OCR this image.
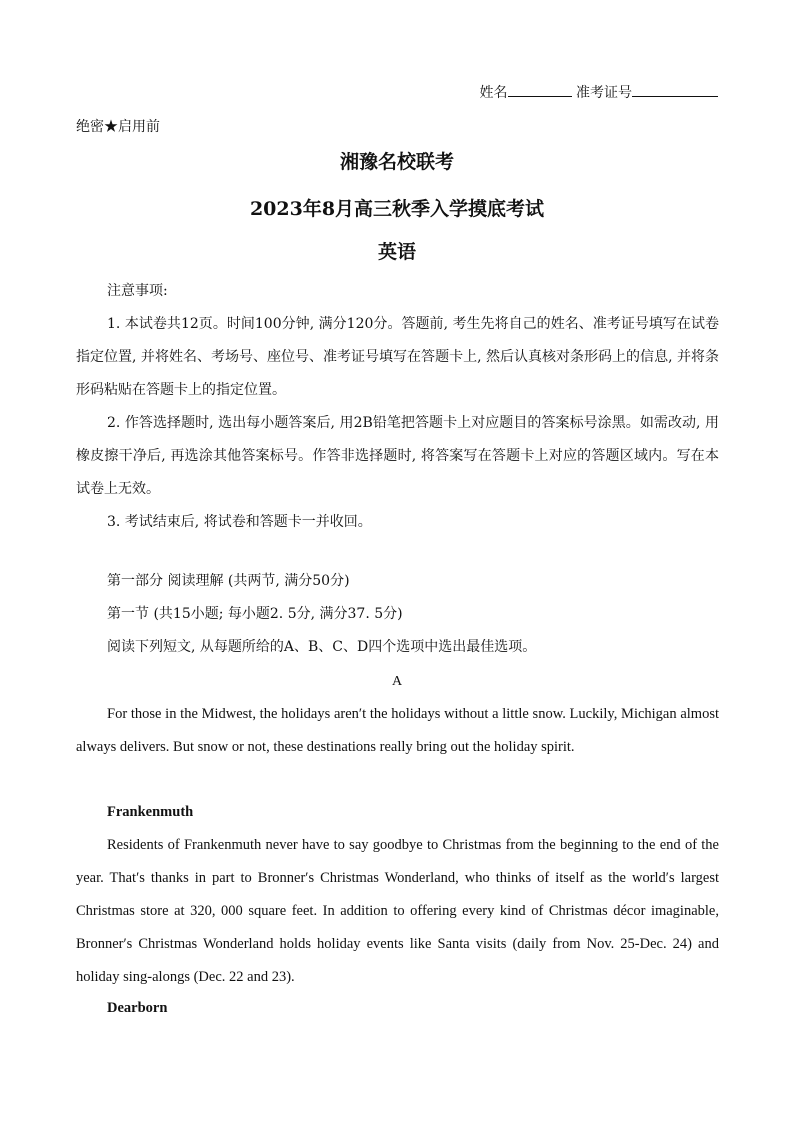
姓名	准考证号
绝密★启用前
湘豫名校联考
2023年8月高三秋季入学摸底考试
英语
注意事项:
1. 本试卷共12页。时间100分钟, 满分120分。答题前, 考生先将自己的姓名、准考证号填写在试卷指定位置, 并将姓名、考场号、座位号、准考证号填写在答题卡上, 然后认真核对条形码上的信息, 并将条形码粘贴在答题卡上的指定位置。
2. 作答选择题时, 选出每小题答案后, 用2B铅笔把答题卡上对应题目的答案标号涂黑。如需改动, 用橡皮擦干净后, 再选涂其他答案标号。作答非选择题时, 将答案写在答题卡上对应的答题区域内。写在本试卷上无效。
3. 考试结束后, 将试卷和答题卡一并收回。
第一部分 阅读理解 (共两节, 满分50分)
第一节 (共15小题; 每小题2. 5分, 满分37. 5分)
阅读下列短文, 从每题所给的A、B、C、D四个选项中选出最佳选项。
A
For those in the Midwest, the holidays aren′t the holidays without a little snow. Luckily, Michigan almost always delivers. But snow or not, these destinations really bring out the holiday spirit.
Frankenmuth
Residents of Frankenmuth never have to say goodbye to Christmas from the beginning to the end of the year. That′s thanks in part to Bronner′s Christmas Wonderland, who thinks of itself as the world′s largest Christmas store at 320, 000 square feet. In addition to offering every kind of Christmas décor imaginable, Bronner′s Christmas Wonderland holds holiday events like Santa visits (daily from Nov. 25-Dec. 24) and holiday sing-alongs (Dec. 22 and 23).
Dearborn
